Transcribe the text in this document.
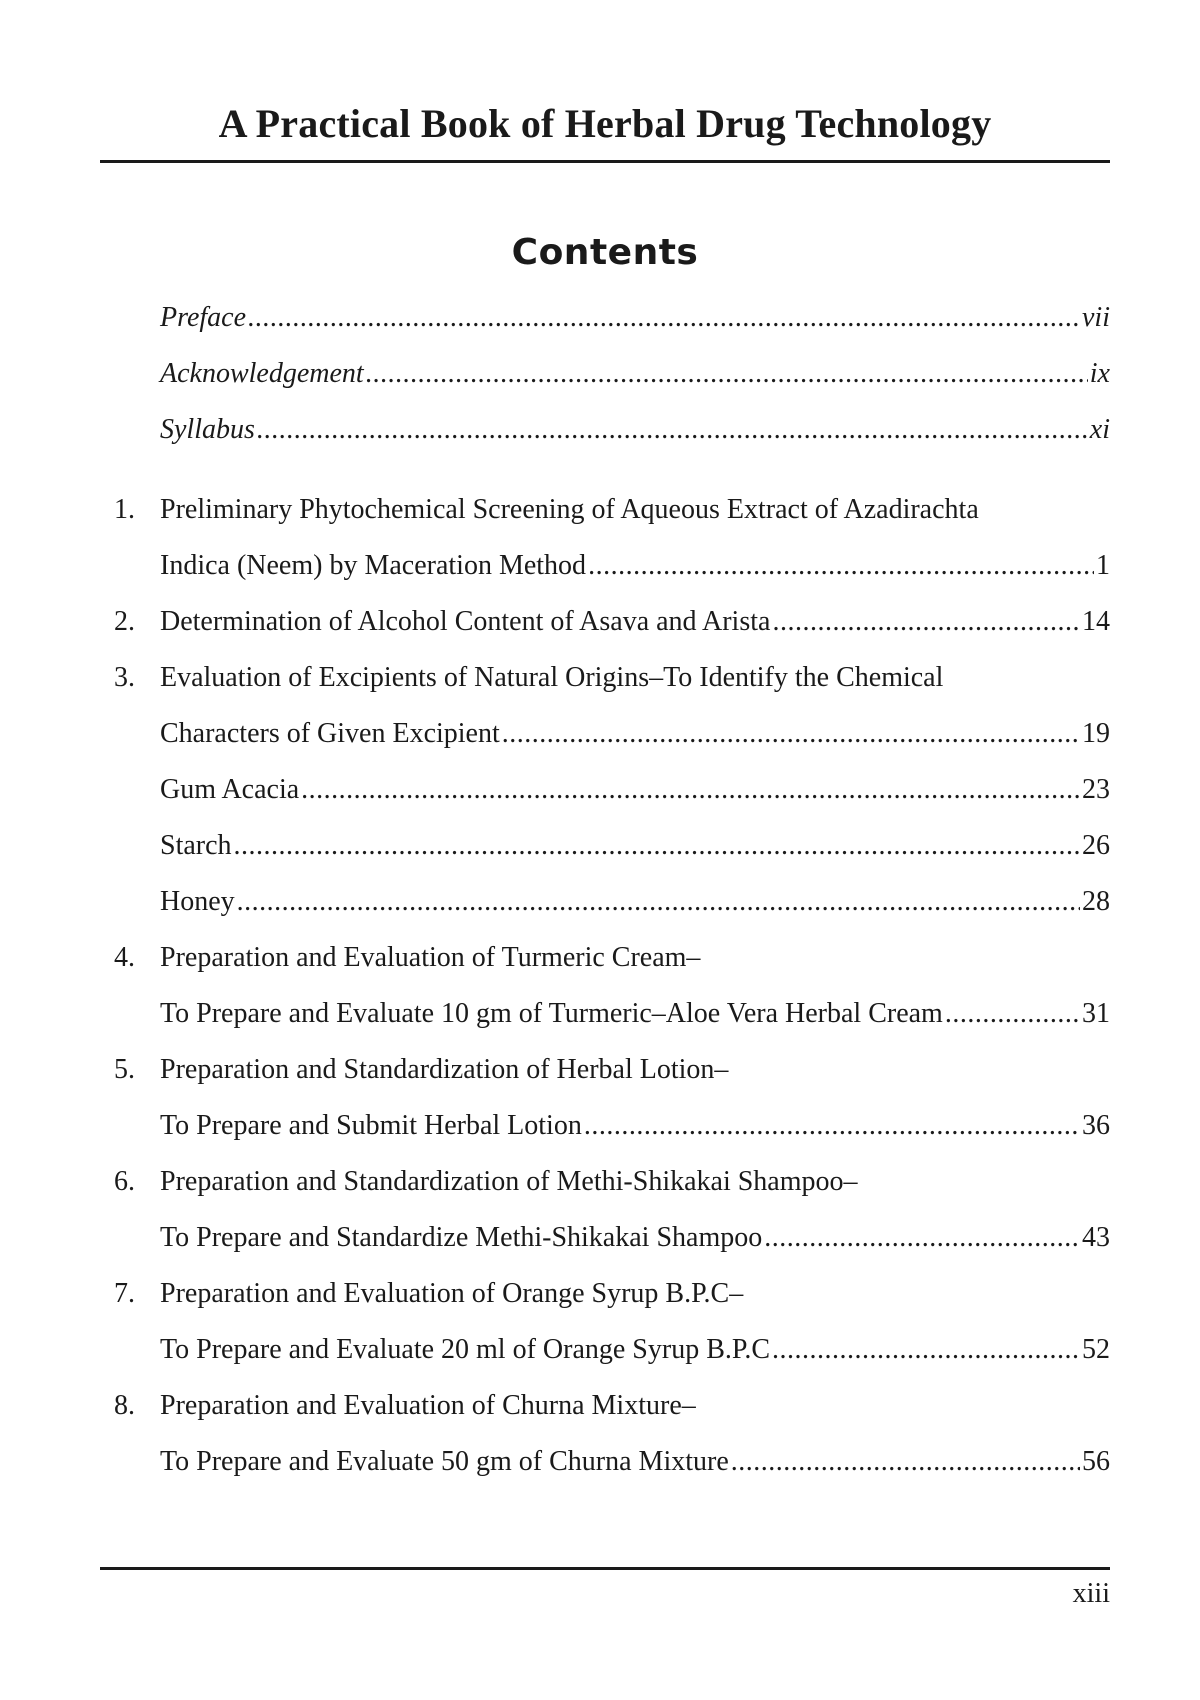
A Practical Book of Herbal Drug Technology
Contents
Preface .....	vii
Acknowledgement .....	ix
Syllabus .....	xi
1. Preliminary Phytochemical Screening of Aqueous Extract of Azadirachta
Indica (Neem) by Maceration Method .....	1
2. Determination of Alcohol Content of Asava and Arista .....	14
3. Evaluation of Excipients of Natural Origins–To Identify the Chemical
Characters of Given Excipient .....	19
Gum Acacia .....	23
Starch .....	26
Honey .....	28
4. Preparation and Evaluation of Turmeric Cream–
To Prepare and Evaluate 10 gm of Turmeric–Aloe Vera Herbal Cream .....	31
5. Preparation and Standardization of Herbal Lotion–
To Prepare and Submit Herbal Lotion .....	36
6. Preparation and Standardization of Methi-Shikakai Shampoo–
To Prepare and Standardize Methi-Shikakai Shampoo .....	43
7. Preparation and Evaluation of Orange Syrup B.P.C–
To Prepare and Evaluate 20 ml of Orange Syrup B.P.C .....	52
8. Preparation and Evaluation of Churna Mixture–
To Prepare and Evaluate 50 gm of Churna Mixture .....	56
xiii
